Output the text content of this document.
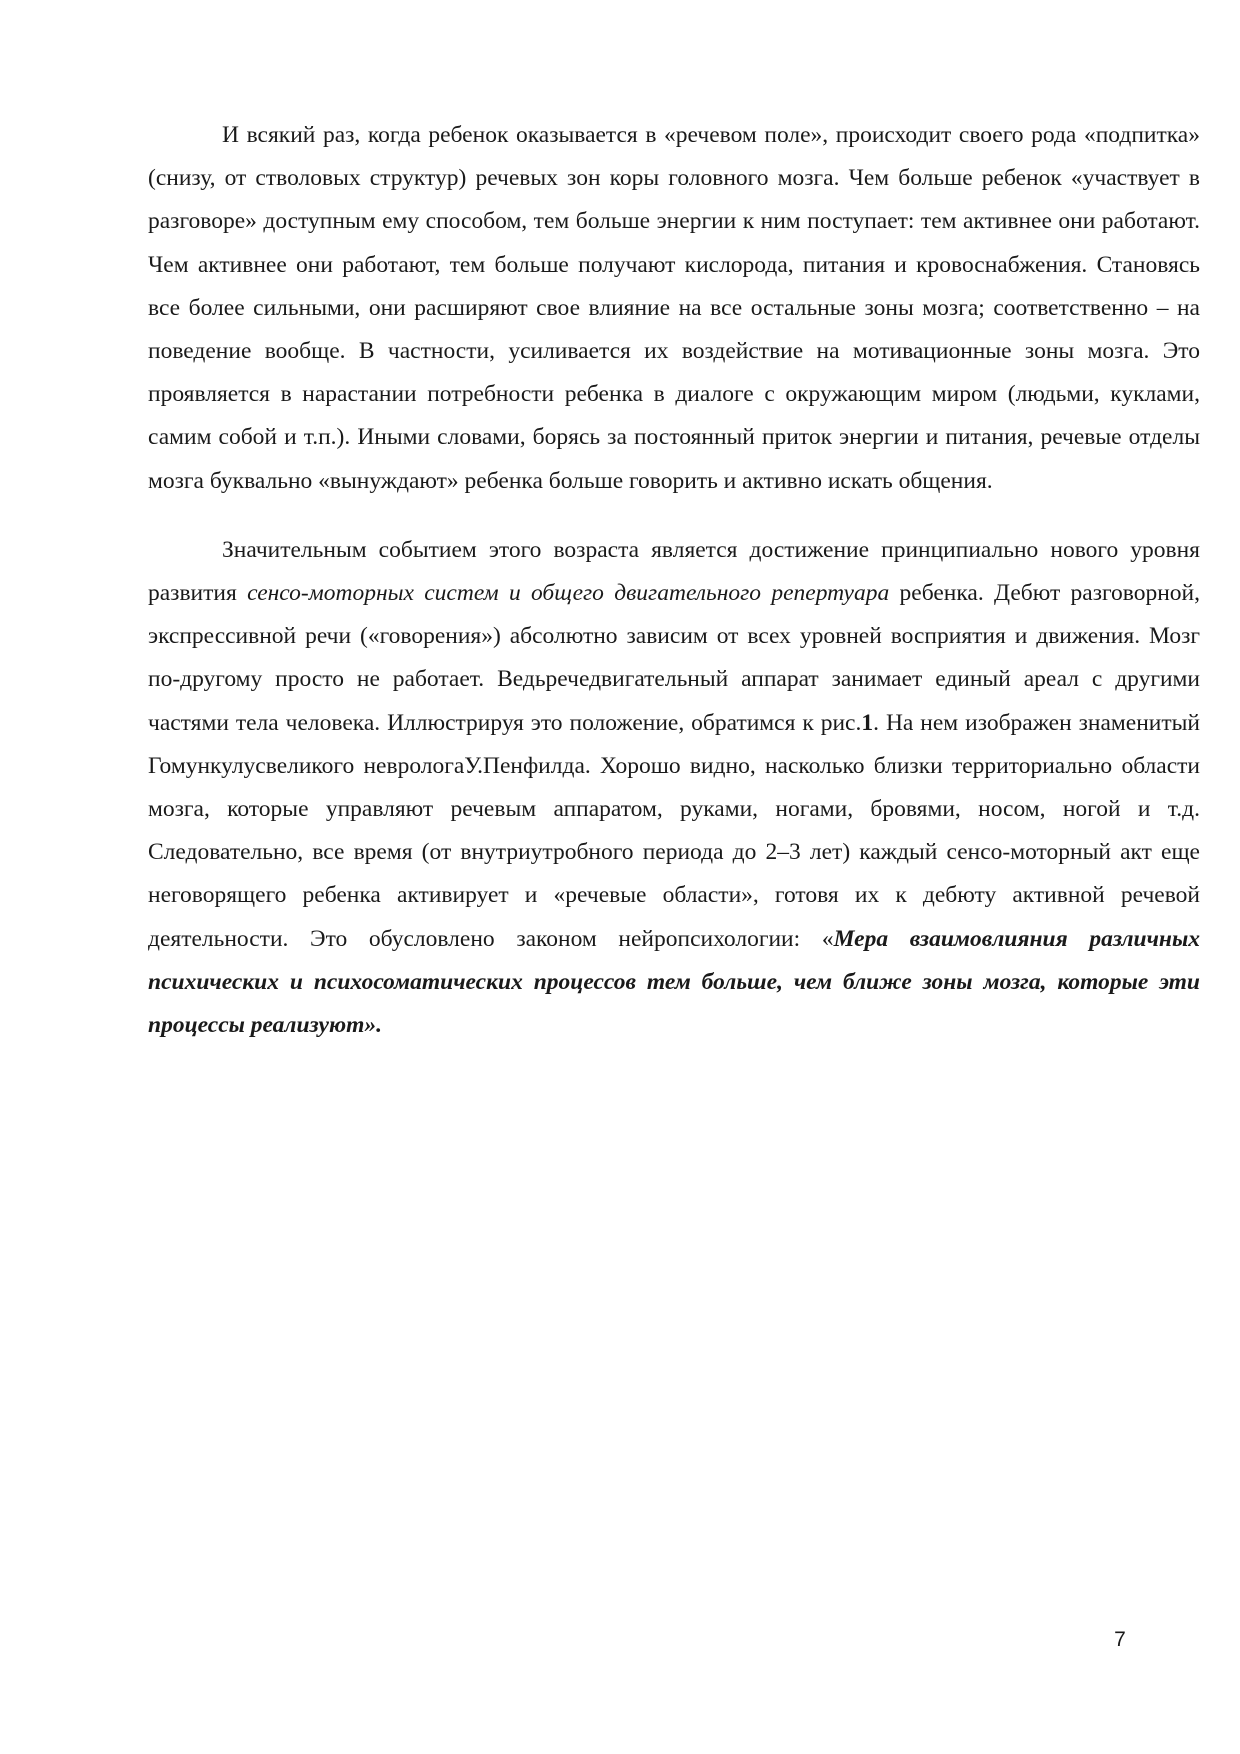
И всякий раз, когда ребенок оказывается в «речевом поле», происходит своего рода «подпитка» (снизу, от стволовых структур) речевых зон коры головного мозга. Чем больше ребенок «участвует в разговоре» доступным ему способом, тем больше энергии к ним поступает: тем активнее они работают. Чем активнее они работают, тем больше получают кислорода, питания и кровоснабжения. Становясь все более сильными, они расширяют свое влияние на все остальные зоны мозга; соответственно – на поведение вообще. В частности, усиливается их воздействие на мотивационные зоны мозга. Это проявляется в нарастании потребности ребенка в диалоге с окружающим миром (людьми, куклами, самим собой и т.п.). Иными словами, борясь за постоянный приток энергии и питания, речевые отделы мозга буквально «вынуждают» ребенка больше говорить и активно искать общения.

Значительным событием этого возраста является достижение принципиально нового уровня развития сенсо-моторных систем и общего двигательного репертуара ребенка. Дебют разговорной, экспрессивной речи («говорения») абсолютно зависим от всех уровней восприятия и движения. Мозг по-другому просто не работает. Ведьречедвигательный аппарат занимает единый ареал с другими частями тела человека. Иллюстрируя это положение, обратимся к рис.1. На нем изображен знаменитый Гомункулусвеликого неврологаУ.Пенфилда. Хорошо видно, насколько близки территориально области мозга, которые управляют речевым аппаратом, руками, ногами, бровями, носом, ногой и т.д. Следовательно, все время (от внутриутробного периода до 2–3 лет) каждый сенсо-моторный акт еще неговорящего ребенка активирует и «речевые области», готовя их к дебюту активной речевой деятельности. Это обусловлено законом нейропсихологии: «Мера взаимовлияния различных психических и психосоматических процессов тем больше, чем ближе зоны мозга, которые эти процессы реализуют».

7
